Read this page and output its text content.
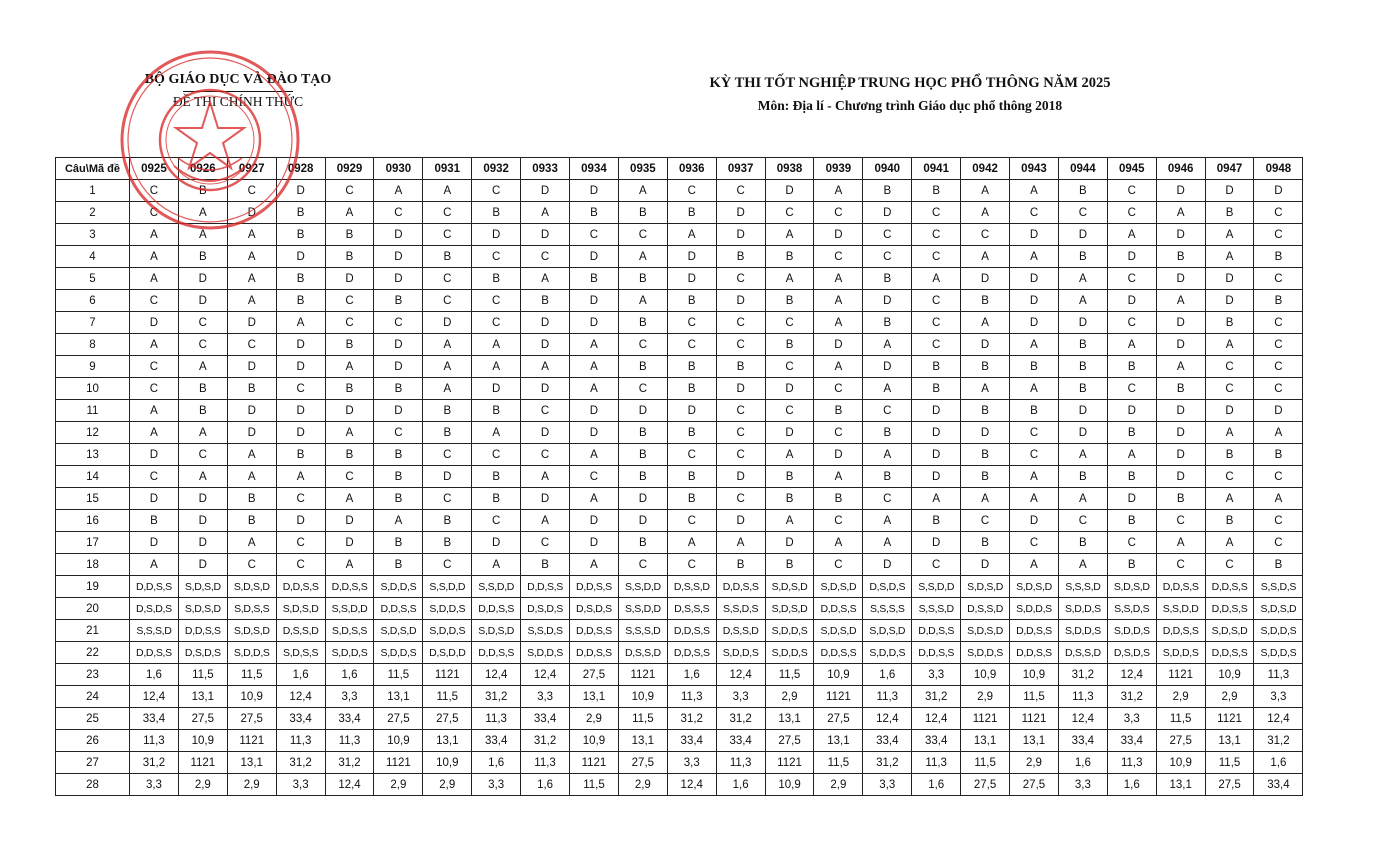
BỘ GIÁO DỤC VÀ ĐÀO TẠO
ĐỀ THI CHÍNH THỨC
KỲ THI TỐT NGHIỆP TRUNG HỌC PHỔ THÔNG NĂM 2025
Môn: Địa lí - Chương trình Giáo dục phổ thông 2018
Câu\Mã đề	0925	0926	0927	0928	0929	0930	0931	0932	0933	0934	0935	0936	0937	0938	0939	0940	0941	0942	0943	0944	0945	0946	0947	0948
1	C	B	C	D	C	A	A	C	D	D	A	C	C	D	A	B	B	A	A	B	C	D	D	D
2	C	A	D	B	A	C	C	B	A	B	B	B	D	C	C	D	C	A	C	C	C	A	B	C
3	A	A	A	B	B	D	C	D	D	C	C	A	D	A	D	C	C	C	D	D	A	D	A	C
4	A	B	A	D	B	D	B	C	C	D	A	D	B	B	C	C	C	A	A	B	D	B	A	B
5	A	D	A	B	D	D	C	B	A	B	B	D	C	A	A	B	A	D	D	A	C	D	D	C
6	C	D	A	B	C	B	C	C	B	D	A	B	D	B	A	D	C	B	D	A	D	A	D	B
7	D	C	D	A	C	C	D	C	D	D	B	C	C	C	A	B	C	A	D	D	C	D	B	C
8	A	C	C	D	B	D	A	A	D	A	C	C	C	B	D	A	C	D	A	B	A	D	A	C
9	C	A	D	D	A	D	A	A	A	A	B	B	B	C	A	D	B	B	B	B	B	A	C	C
10	C	B	B	C	B	B	A	D	D	A	C	B	D	D	C	A	B	A	A	B	C	B	C	C
11	A	B	D	D	D	D	B	B	C	D	D	D	C	C	B	C	D	B	B	D	D	D	D	D
12	A	A	D	D	A	C	B	A	D	D	B	B	C	D	C	B	D	D	C	D	B	D	A	A
13	D	C	A	B	B	B	C	C	C	A	B	C	C	A	D	A	D	B	C	A	A	D	B	B
14	C	A	A	A	C	B	D	B	A	C	B	B	D	B	A	B	D	B	A	B	B	D	C	C
15	D	D	B	C	A	B	C	B	D	A	D	B	C	B	B	C	A	A	A	A	D	B	A	A
16	B	D	B	D	D	A	B	C	A	D	D	C	D	A	C	A	B	C	D	C	B	C	B	C
17	D	D	A	C	D	B	B	D	C	D	B	A	A	D	A	A	D	B	C	B	C	A	A	C
18	A	D	C	C	A	B	C	A	B	A	C	C	B	B	C	D	C	D	A	A	B	C	C	B
19	D,D,S,S	S,D,S,D	S,D,S,D	D,D,S,S	D,D,S,S	S,D,D,S	S,S,D,D	S,S,D,D	D,D,S,S	D,D,S,S	S,S,D,D	D,S,S,D	D,D,S,S	S,D,S,D	S,D,S,D	D,S,D,S	S,S,D,D	S,D,S,D	S,D,S,D	S,S,S,D	S,D,S,D	D,D,S,S	D,D,S,S	S,S,D,S
20	D,S,D,S	S,D,S,D	S,D,S,S	S,D,S,D	S,S,D,D	D,D,S,S	S,D,D,S	D,D,S,S	D,S,D,S	D,S,D,S	S,S,D,D	D,S,S,S	S,S,D,S	S,D,S,D	D,D,S,S	S,S,S,S	S,S,S,D	D,S,S,D	S,D,D,S	S,D,D,S	S,S,D,S	S,S,D,D	D,D,S,S	S,D,S,D
21	S,S,S,D	D,D,S,S	S,D,S,D	D,S,S,D	S,D,S,S	S,D,S,D	S,D,D,S	S,D,S,D	S,S,D,S	D,D,S,S	S,S,S,D	D,D,S,S	D,S,S,D	S,D,D,S	S,D,S,D	S,D,S,D	D,D,S,S	S,D,S,D	D,D,S,S	S,D,D,S	S,D,D,S	D,D,S,S	S,D,S,D	S,D,D,S
22	D,D,S,S	D,S,D,S	S,D,D,S	S,D,S,S	S,D,D,S	S,D,D,S	D,S,D,D	D,D,S,S	S,D,D,S	D,D,S,S	D,S,S,D	D,D,S,S	S,D,D,S	S,D,D,S	D,D,S,S	S,D,D,S	D,D,S,S	S,D,D,S	D,D,S,S	D,S,S,D	D,S,D,S	S,D,D,S	D,D,S,S	S,D,D,S
23	1,6	11,5	11,5	1,6	1,6	11,5	1121	12,4	12,4	27,5	1121	1,6	12,4	11,5	10,9	1,6	3,3	10,9	10,9	31,2	12,4	1121	10,9	11,3
24	12,4	13,1	10,9	12,4	3,3	13,1	11,5	31,2	3,3	13,1	10,9	11,3	3,3	2,9	1121	11,3	31,2	2,9	11,5	11,3	31,2	2,9	2,9	3,3
25	33,4	27,5	27,5	33,4	33,4	27,5	27,5	11,3	33,4	2,9	11,5	31,2	31,2	13,1	27,5	12,4	12,4	1121	1121	12,4	3,3	11,5	1121	12,4
26	11,3	10,9	1121	11,3	11,3	10,9	13,1	33,4	31,2	10,9	13,1	33,4	33,4	27,5	13,1	33,4	33,4	13,1	13,1	33,4	33,4	27,5	13,1	31,2
27	31,2	1121	13,1	31,2	31,2	1121	10,9	1,6	11,3	1121	27,5	3,3	11,3	1121	11,5	31,2	11,3	11,5	2,9	1,6	11,3	10,9	11,5	1,6
28	3,3	2,9	2,9	3,3	12,4	2,9	2,9	3,3	1,6	11,5	2,9	12,4	1,6	10,9	2,9	3,3	1,6	27,5	27,5	3,3	1,6	13,1	27,5	33,4
